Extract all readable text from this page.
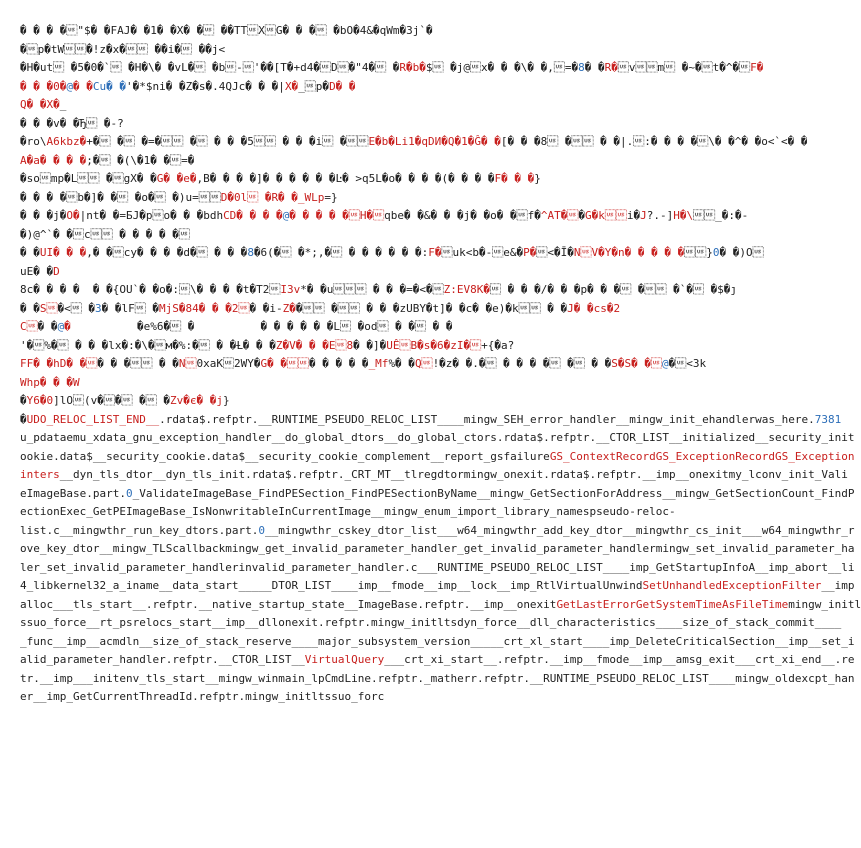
� � � �"$� �FAJ� �1� �X� � ��TTXG� � � �bO�4&�qWm�3j`�
�p�tW�!z�x� ��i� ��j<
�H�ut �5�0�` �H�\� �vL� �b-'��[T�+d4�D�"4� �R�b�$ �j@x� � �\� �,=�8� �R�vm �~�t�^�F�
� � �0�@� �Cu� �'�*$ni� �Z�s�.4QJc� � �|X�_p�D� �
Q� �X�_
� � �v� �Ђ �-?
�ro\A6kbz�+� � �=� � � � �5 � � �i �E�b�Li1�qDИ�Q�1�Ĝ� �[� � �8 � � �|.:� � � �\� �^� �o<`<� �
A�a� � � �;� �(\�1� �=�
�somp�L �gX� �G� �e�,B� � � �]� � � � � �Ŀ� >q5L�o� � � �(� � � �F� � �}
� � � �b�]� � �o� �)u=D�0l �R� �_WLp=}
� � �j�O�|nt� �=БJ�po� � �bdhCD� � � �@� � � � �H�qbe� �&� � �j� �o� �f�^AT��G�ki�J?.-]H�\_�:�-
�)@^`� �c � � � � �
� �UI� � �,� �cy� � � �d� � � �8�6(� �*;,� � � � � � �:F�uk<b�-e&�P�<�Ī�NV�Y�n� � � � �}0� �)O
uE� �D
8c� � � �  � �{OU`� �o�:\� � � �t�T2I3v*� �u � � �=�<�Z:EV8K� � � �/� � �p� � � � �`� �$�ȷ
� �S�< �3� �lF �MјS�84� � �2� �i-Z�� � � � �zUBY�t]� �c� �e)�k � �J� �cs�2
C� �@�          �e%6� �          � � � � � �L �od � � � �
'�%� � � �lx�:�\�м�%:� � �Ƚ� � �Z�V� � �E8� �]�UÊB�s�6�zI�+{�a?
FF� �hD� �� � � � �N0xaK2WY�G� �� � � � �_Mf%� �Q!�z� �.� � � � � � � �S�S� �@�<3k
Whp� � �W
�Y6�0]lO(v�� � �Zv�є� �j}
�UDO_RELOC_LIST_END__.rdata$.refptr.__RUNTIME_PSEUDO_RELOC_LIST____mingw_SEH_error_handler__mingw_init_ehandlerwas_here.7381
u_pdataemu_xdata_gnu_exception_handler__do_global_dtors__do_global_ctors.rdata$.refptr.__CTOR_LIST__initialized__security_init
ookie.data$__security_cookie.data$__security_cookie_complement__report_gsfailureGS_ContextRecordGS_ExceptionRecordGS_Exception
inters__dyn_tls_dtor__dyn_tls_init.rdata$.refptr._CRT_MT__tlregdtormingw_onexit.rdata$.refptr.__imp__onexitmy_lconv_init_Vali
eImageBase.part.0_ValidateImageBase_FindPESection_FindPESectionByName__mingw_GetSectionForAddress__mingw_GetSectionCount_FindP
ectionExec_GetPEImageBase_IsNonwritableInCurrentImage__mingw_enum_import_library_namespseudo-reloc-
list.c__mingwthr_run_key_dtors.part.0__mingwthr_cskey_dtor_list___w64_mingwthr_add_key_dtor__mingwthr_cs_init___w64_mingwthr_r
ove_key_dtor__mingw_TLScallbackmingw_get_invalid_parameter_handler_get_invalid_parameter_handlermingw_set_invalid_parameter_ha
ler_set_invalid_parameter_handlerinvalid_parameter_handler.c___RUNTIME_PSEUDO_RELOC_LIST____imp_GetStartupInfoA__imp_abort__li
4_libkernel32_a_iname__data_start_____DTOR_LIST____imp__fmode__imp__lock__imp_RtlVirtualUnwindSetUnhandledExceptionFilter__imp
alloc___tls_start__.refptr.__native_startup_state__ImageBase.refptr.__imp__onexitGetLastErrorGetSystemTimeAsFileTimemingw_initl
ssuo_force__rt_psrelocs_start__imp__dllonexit.refptr.mingw_initltsdyn_force__dll_characteristics____size_of_stack_commit____
_func__imp__acmdln__size_of_stack_reserve____major_subsystem_version_____crt_xl_start____imp_DeleteCriticalSection__imp__set_i
alid_parameter_handler.refptr.__CTOR_LIST__VirtualQuery___crt_xi_start__.refptr.__imp__fmode__imp__amsg_exit___crt_xi_end__.re
tr.__imp___initenv_tls_start__mingw_winmain_lpCmdLine.refptr._matherr.refptr.__RUNTIME_PSEUDO_RELOC_LIST____mingw_oldexcpt_han
er__imp_GetCurrentThreadId.refptr.mingw_initltssuo_forc
